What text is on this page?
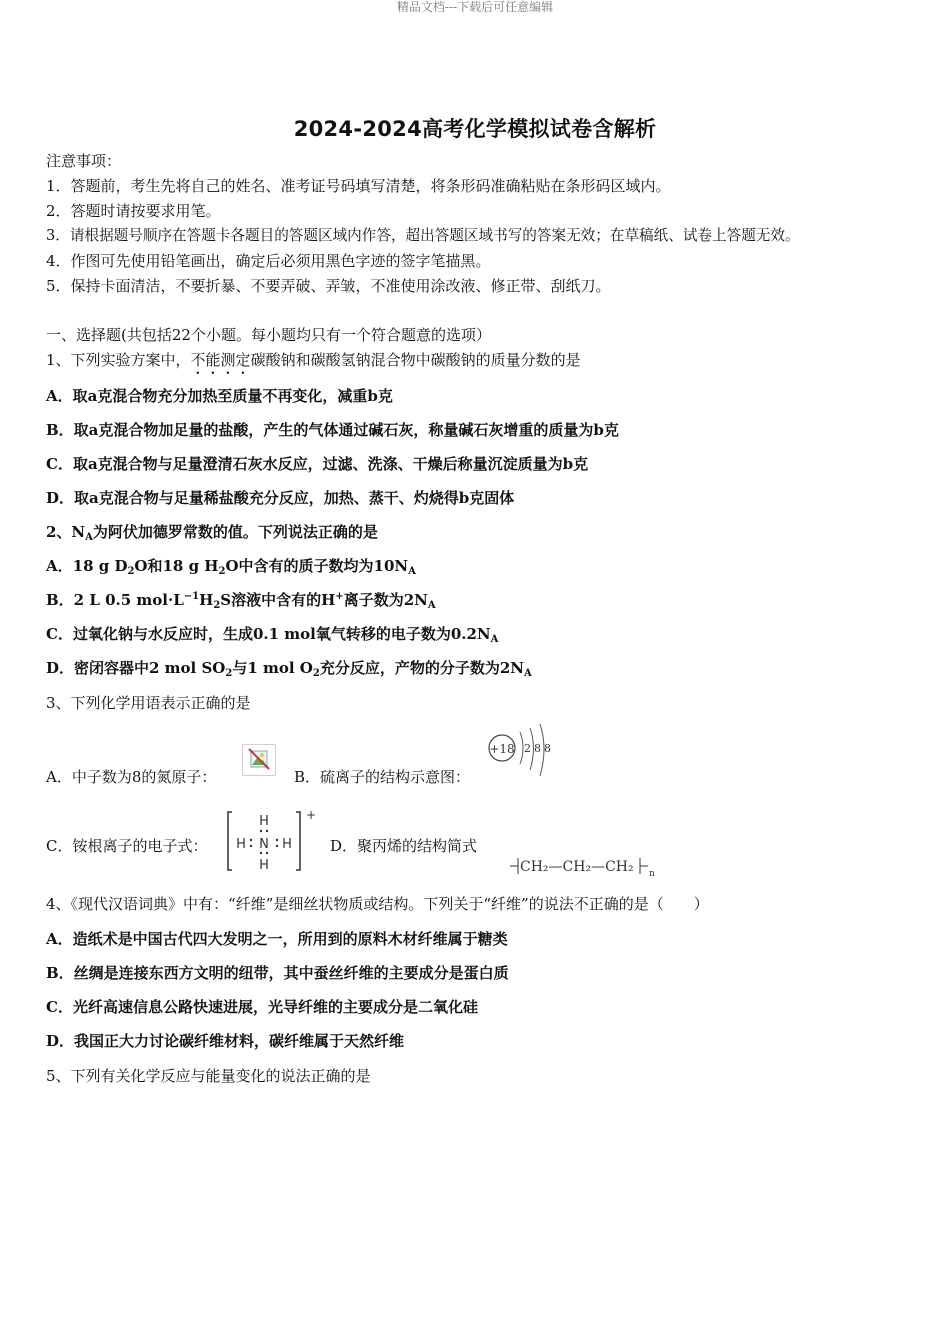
精品文档---下载后可任意编辑
2024-2024高考化学模拟试卷含解析
注意事项：
1．答题前，考生先将自己的姓名、准考证号码填写清楚，将条形码准确粘贴在条形码区域内。
2．答题时请按要求用笔。
3．请根据题号顺序在答题卡各题目的答题区域内作答，超出答题区域书写的答案无效；在草稿纸、试卷上答题无效。
4．作图可先使用铅笔画出，确定后必须用黑色字迹的签字笔描黑。
5．保持卡面清洁，不要折暴、不要弄破、弄皱，不准使用涂改液、修正带、刮纸刀。
一、选择题(共包括22个小题。每小题均只有一个符合题意的选项）
1、下列实验方案中，不能测定碳酸钠和碳酸氢钠混合物中碳酸钠的质量分数的是
A．取a克混合物充分加热至质量不再变化，减重b克
B．取a克混合物加足量的盐酸，产生的气体通过碱石灰，称量碱石灰增重的质量为b克
C．取a克混合物与足量澄清石灰水反应，过滤、洗涤、干燥后称量沉淀质量为b克
D．取a克混合物与足量稀盐酸充分反应，加热、蒸干、灼烧得b克固体
2、$N_A$为阿伏加德罗常数的值。下列说法正确的是
A．18 g $D_2O$和18 g $H_2O$中含有的质子数均为$10N_A$
B．2 L 0.5 $mol\cdot L^{-1}H_2S$溶液中含有的H+离子数为$2N_A$
C．过氧化钠与水反应时，生成0.1 mol氧气转移的电子数为$0.2N_A$
D．密闭容器中2 mol $SO_2$与1 mol $O_2$充分反应，产物的分子数为$2N_A$
3、下列化学用语表示正确的是
A．中子数为8的氮原子：	B．硫离子的结构示意图：
+18 2 8 8
C．铵根离子的电子式：
+
H
H
H	H
N	D．聚丙烯的结构简式
CH₂—CH₂—CH₂ n
4、《现代汉语词典》中有：“纤维”是细丝状物质或结构。下列关于“纤维”的说法不正确的是（　　）
A．造纸术是中国古代四大发明之一，所用到的原料木材纤维属于糖类
B．丝绸是连接东西方文明的纽带，其中蚕丝纤维的主要成分是蛋白质
C．光纤高速信息公路快速进展，光导纤维的主要成分是二氧化硅
D．我国正大力讨论碳纤维材料，碳纤维属于天然纤维
5、下列有关化学反应与能量变化的说法正确的是
